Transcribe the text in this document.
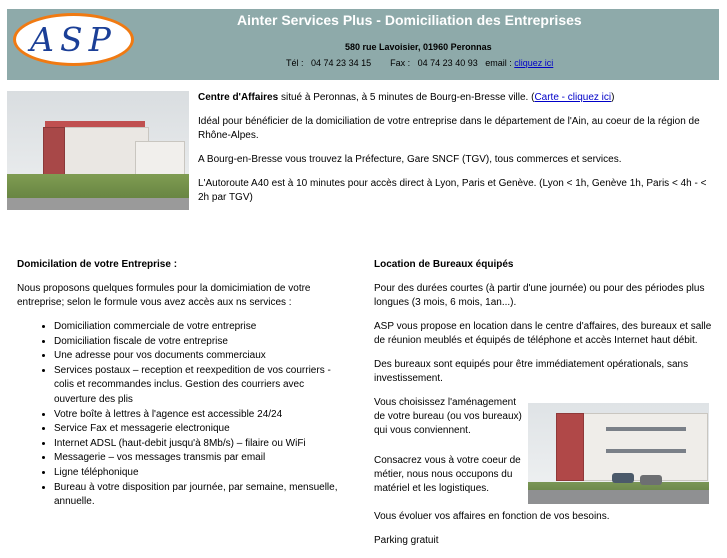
ASP	Ainter Services Plus - Domiciliation des Entreprises
580 rue Lavoisier, 01960 Peronnas
Tél : 04 74 23 34 15 Fax : 04 74 23 40 93 email : cliquez ici

Centre d'Affaires situé à Peronnas, à 5 minutes de Bourg-en-Bresse ville. (Carte - cliquez ici)

Idéal pour bénéficier de la domiciliation de votre entreprise dans le département de l'Ain, au coeur de la région de Rhône-Alpes.

A Bourg-en-Bresse vous trouvez la Préfecture, Gare SNCF (TGV), tous commerces et services.

L'Autoroute A40 est à 10 minutes pour accès direct à Lyon, Paris et Genève. (Lyon < 1h, Genève 1h, Paris < 4h - < 2h par TGV)

Domicilation de votre Entreprise :

Nous proposons quelques formules pour la domicimiation de votre entreprise; selon le formule vous avez accès aux ns services :

• Domiciliation commerciale de votre entreprise
• Domiciliation fiscale de votre entreprise
• Une adresse pour vos documents commerciaux
• Services postaux – reception et reexpedition de vos courriers - colis et recommandes inclus. Gestion des courriers avec ouverture des plis
• Votre boîte à lettres à l'agence est accessible 24/24
• Service Fax et messagerie electronique
• Internet ADSL (haut-debit jusqu'à 8Mb/s) – filaire ou WiFi
• Messagerie – vos messages transmis par email
• Ligne téléphonique
• Bureau à votre disposition par journée, par semaine, mensuelle, annuelle.

Location de Bureaux équipés

Pour des durées courtes (à partir d'une journée) ou pour des périodes plus longues (3 mois, 6 mois, 1an...).

ASP vous propose en location dans le centre d'affaires, des bureaux et salle de réunion meublés et équipés de téléphone et accès Internet haut débit.

Des bureaux sont equipés pour être immédiatement opérationals, sans investissement.

Vous choisissez l'aménagement de votre bureau (ou vos bureaux) qui vous conviennent.

Consacrez vous à votre coeur de métier, nous nous occupons du matériel et les logistiques.

Vous évoluer vos affaires en fonction de vos besoins.

Parking gratuit
